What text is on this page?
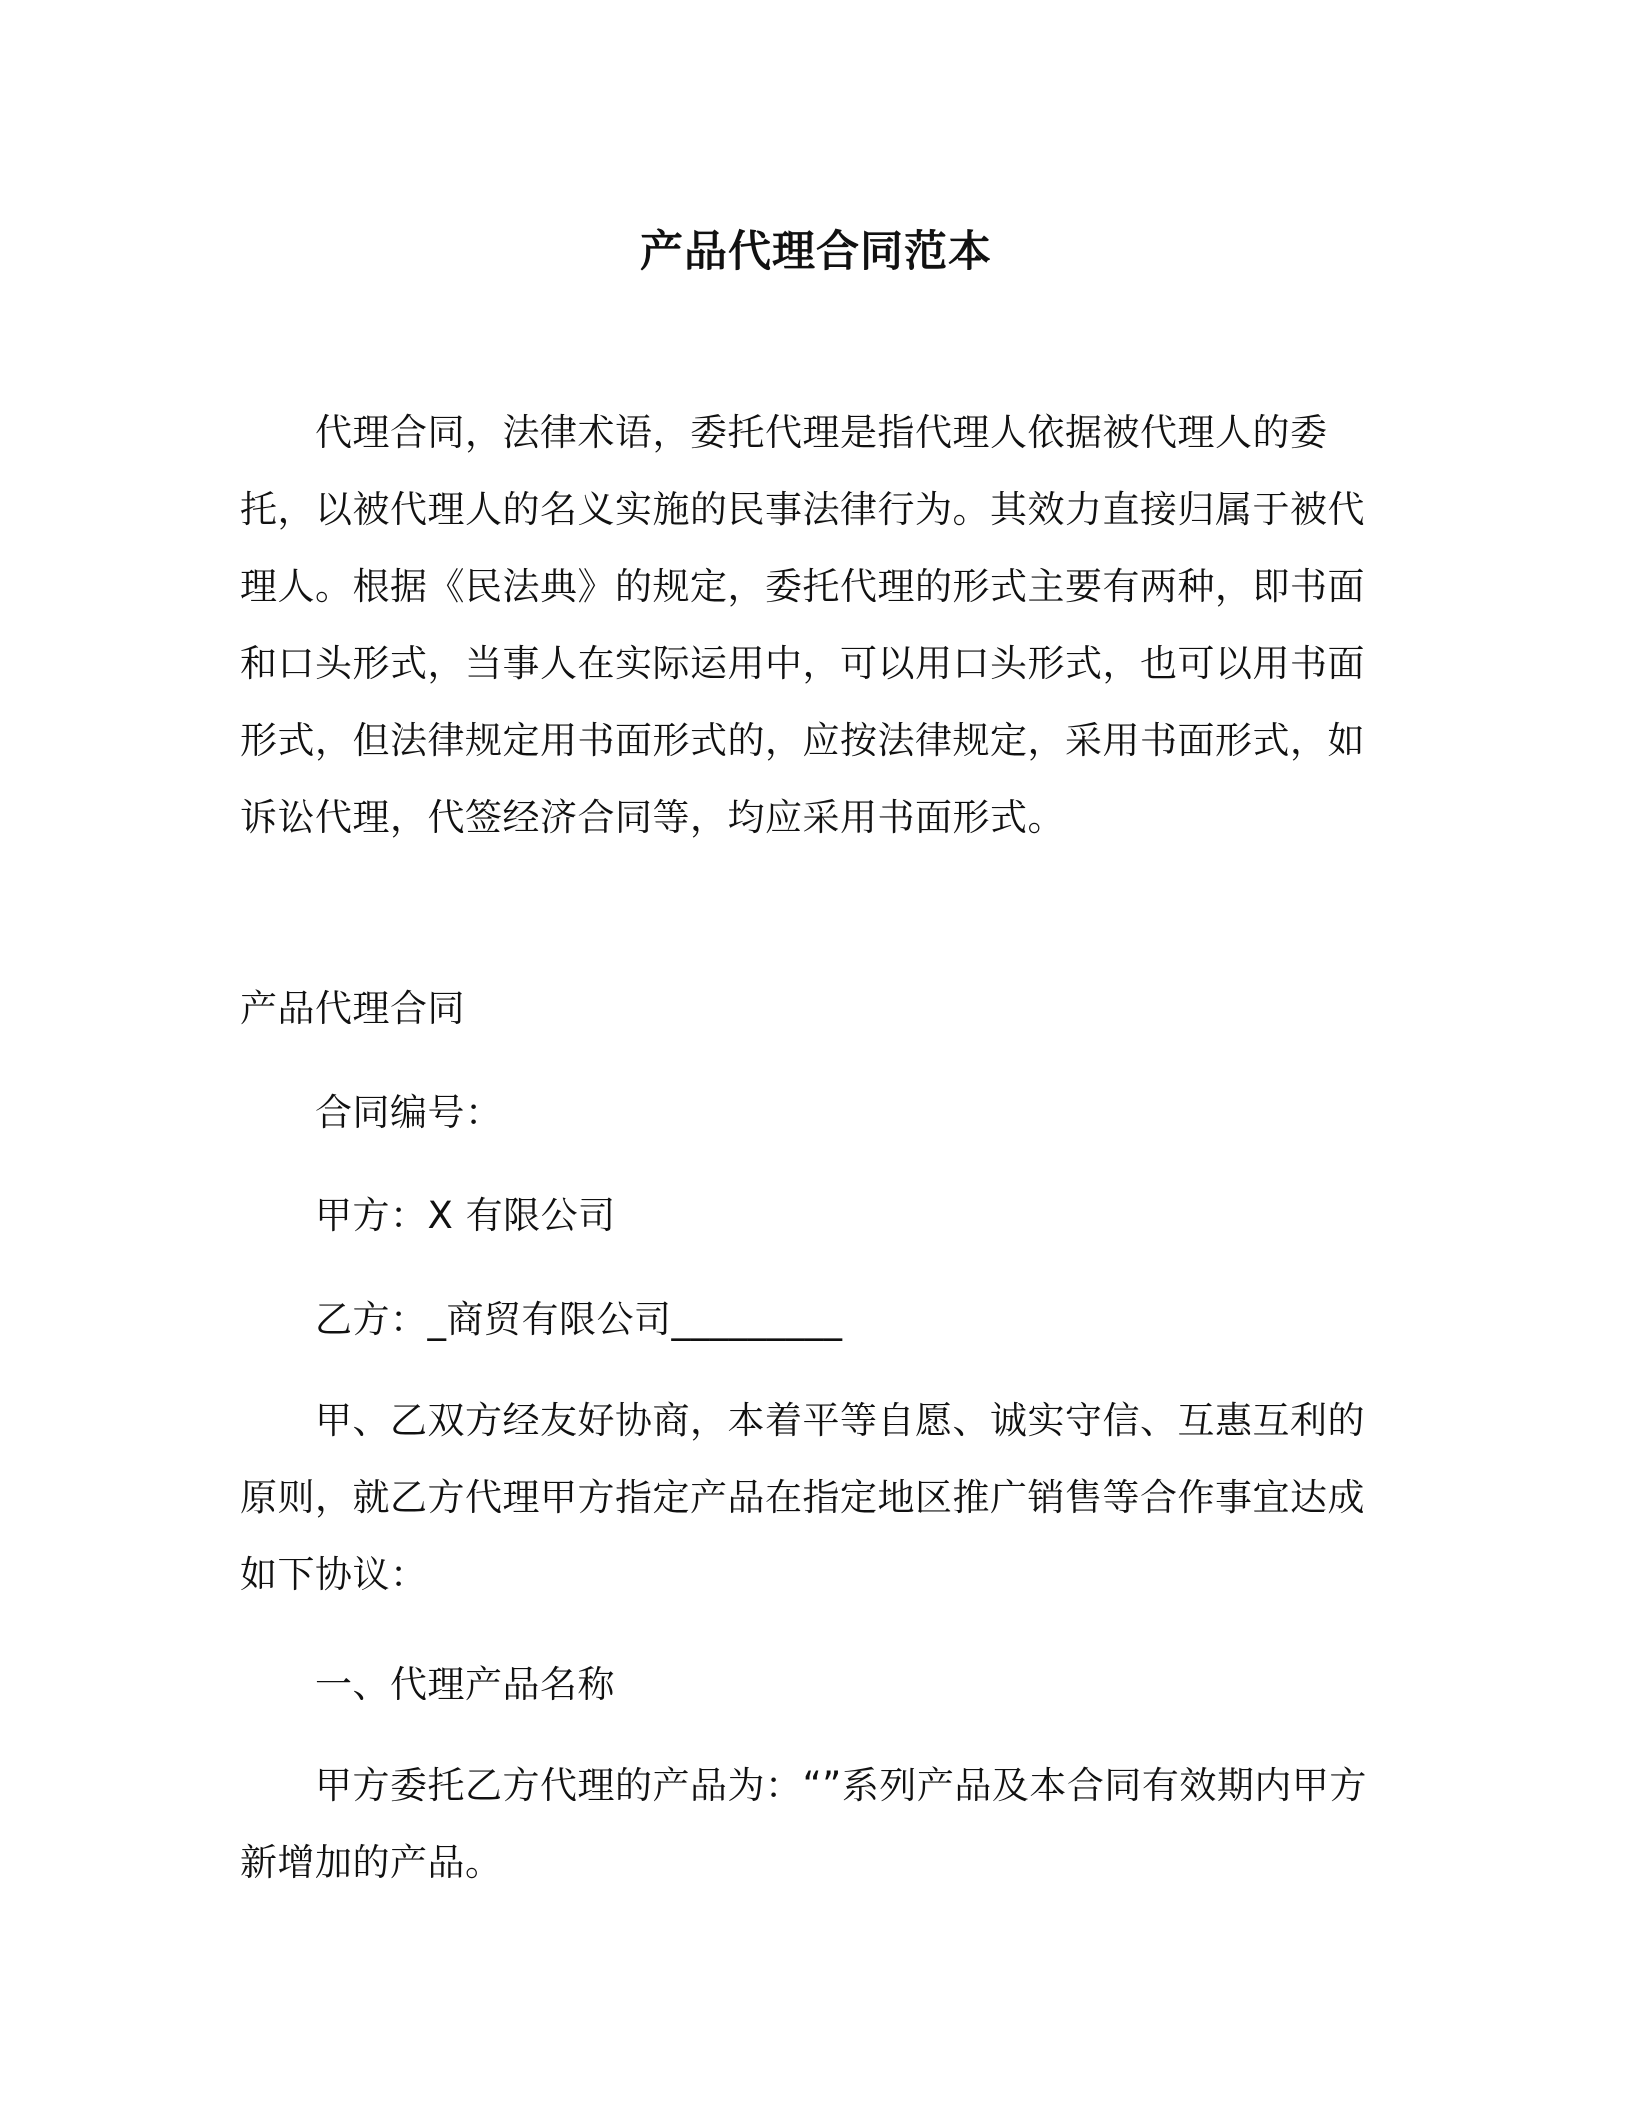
产品代理合同范本

代理合同，法律术语，委托代理是指代理人依据被代理人的委托，以被代理人的名义实施的民事法律行为。其效力直接归属于被代理人。根据《民法典》的规定，委托代理的形式主要有两种，即书面和口头形式，当事人在实际运用中，可以用口头形式，也可以用书面形式，但法律规定用书面形式的，应按法律规定，采用书面形式，如诉讼代理，代签经济合同等，均应采用书面形式。

产品代理合同
合同编号：
甲方：X 有限公司
乙方：_商贸有限公司_________

甲、乙双方经友好协商，本着平等自愿、诚实守信、互惠互利的原则，就乙方代理甲方指定产品在指定地区推广销售等合作事宜达成如下协议：

一、代理产品名称

甲方委托乙方代理的产品为：“”系列产品及本合同有效期内甲方新增加的产品。
